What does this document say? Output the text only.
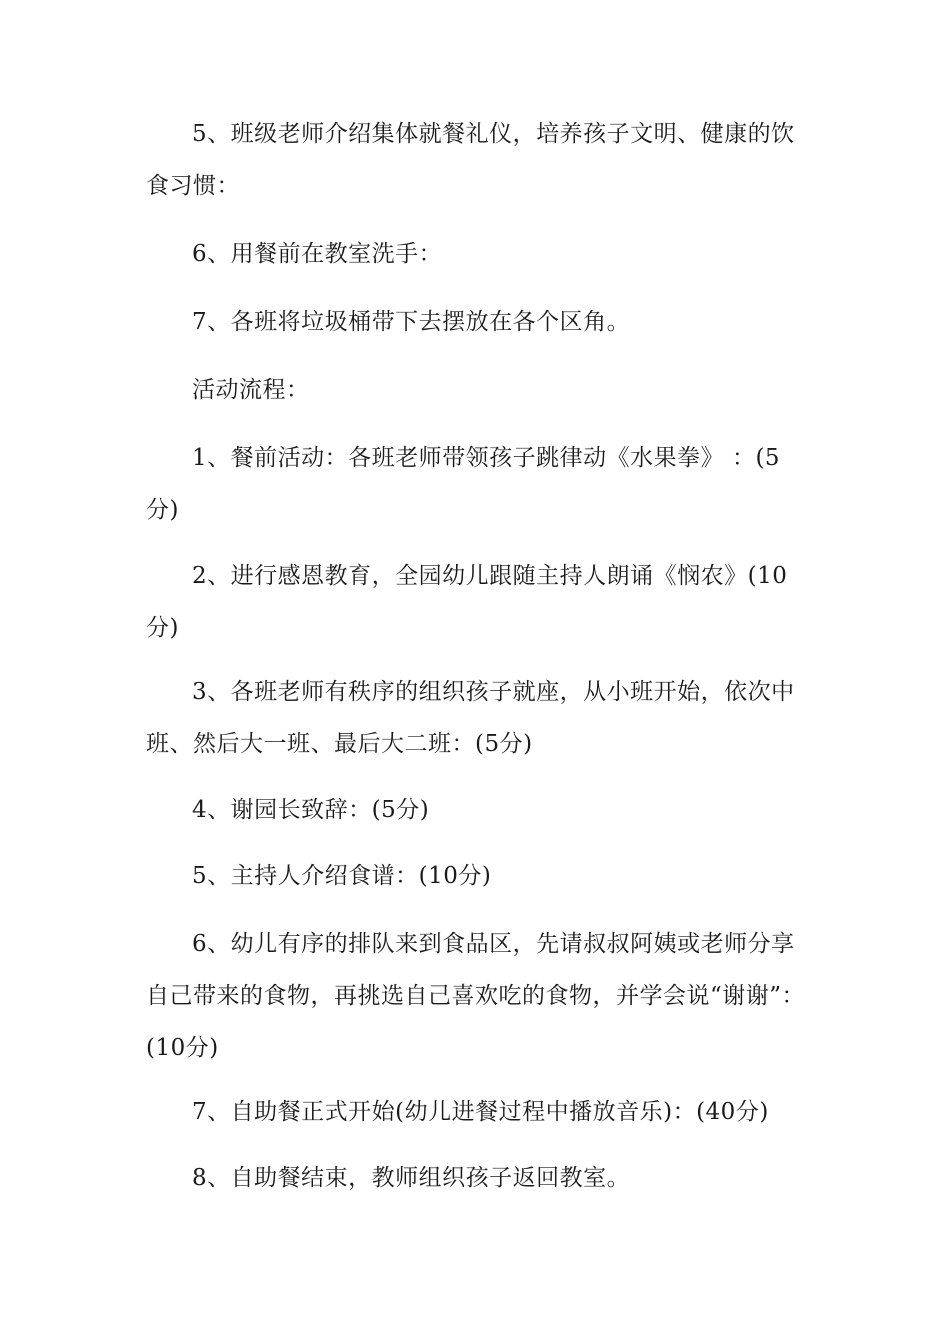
5、班级老师介绍集体就餐礼仪，培养孩子文明、健康的饮食习惯：

6、用餐前在教室洗手：

7、各班将垃圾桶带下去摆放在各个区角。

活动流程：

1、餐前活动：各班老师带领孩子跳律动《水果拳》 ：(5分)

2、进行感恩教育，全园幼儿跟随主持人朗诵《悯农》(10分)

3、各班老师有秩序的组织孩子就座，从小班开始，依次中班、然后大一班、最后大二班：(5分)

4、谢园长致辞：(5分)

5、主持人介绍食谱：(10分)

6、幼儿有序的排队来到食品区，先请叔叔阿姨或老师分享自己带来的食物，再挑选自己喜欢吃的食物，并学会说“谢谢”：(10分)

7、自助餐正式开始(幼儿进餐过程中播放音乐)：(40分)

8、自助餐结束，教师组织孩子返回教室。
